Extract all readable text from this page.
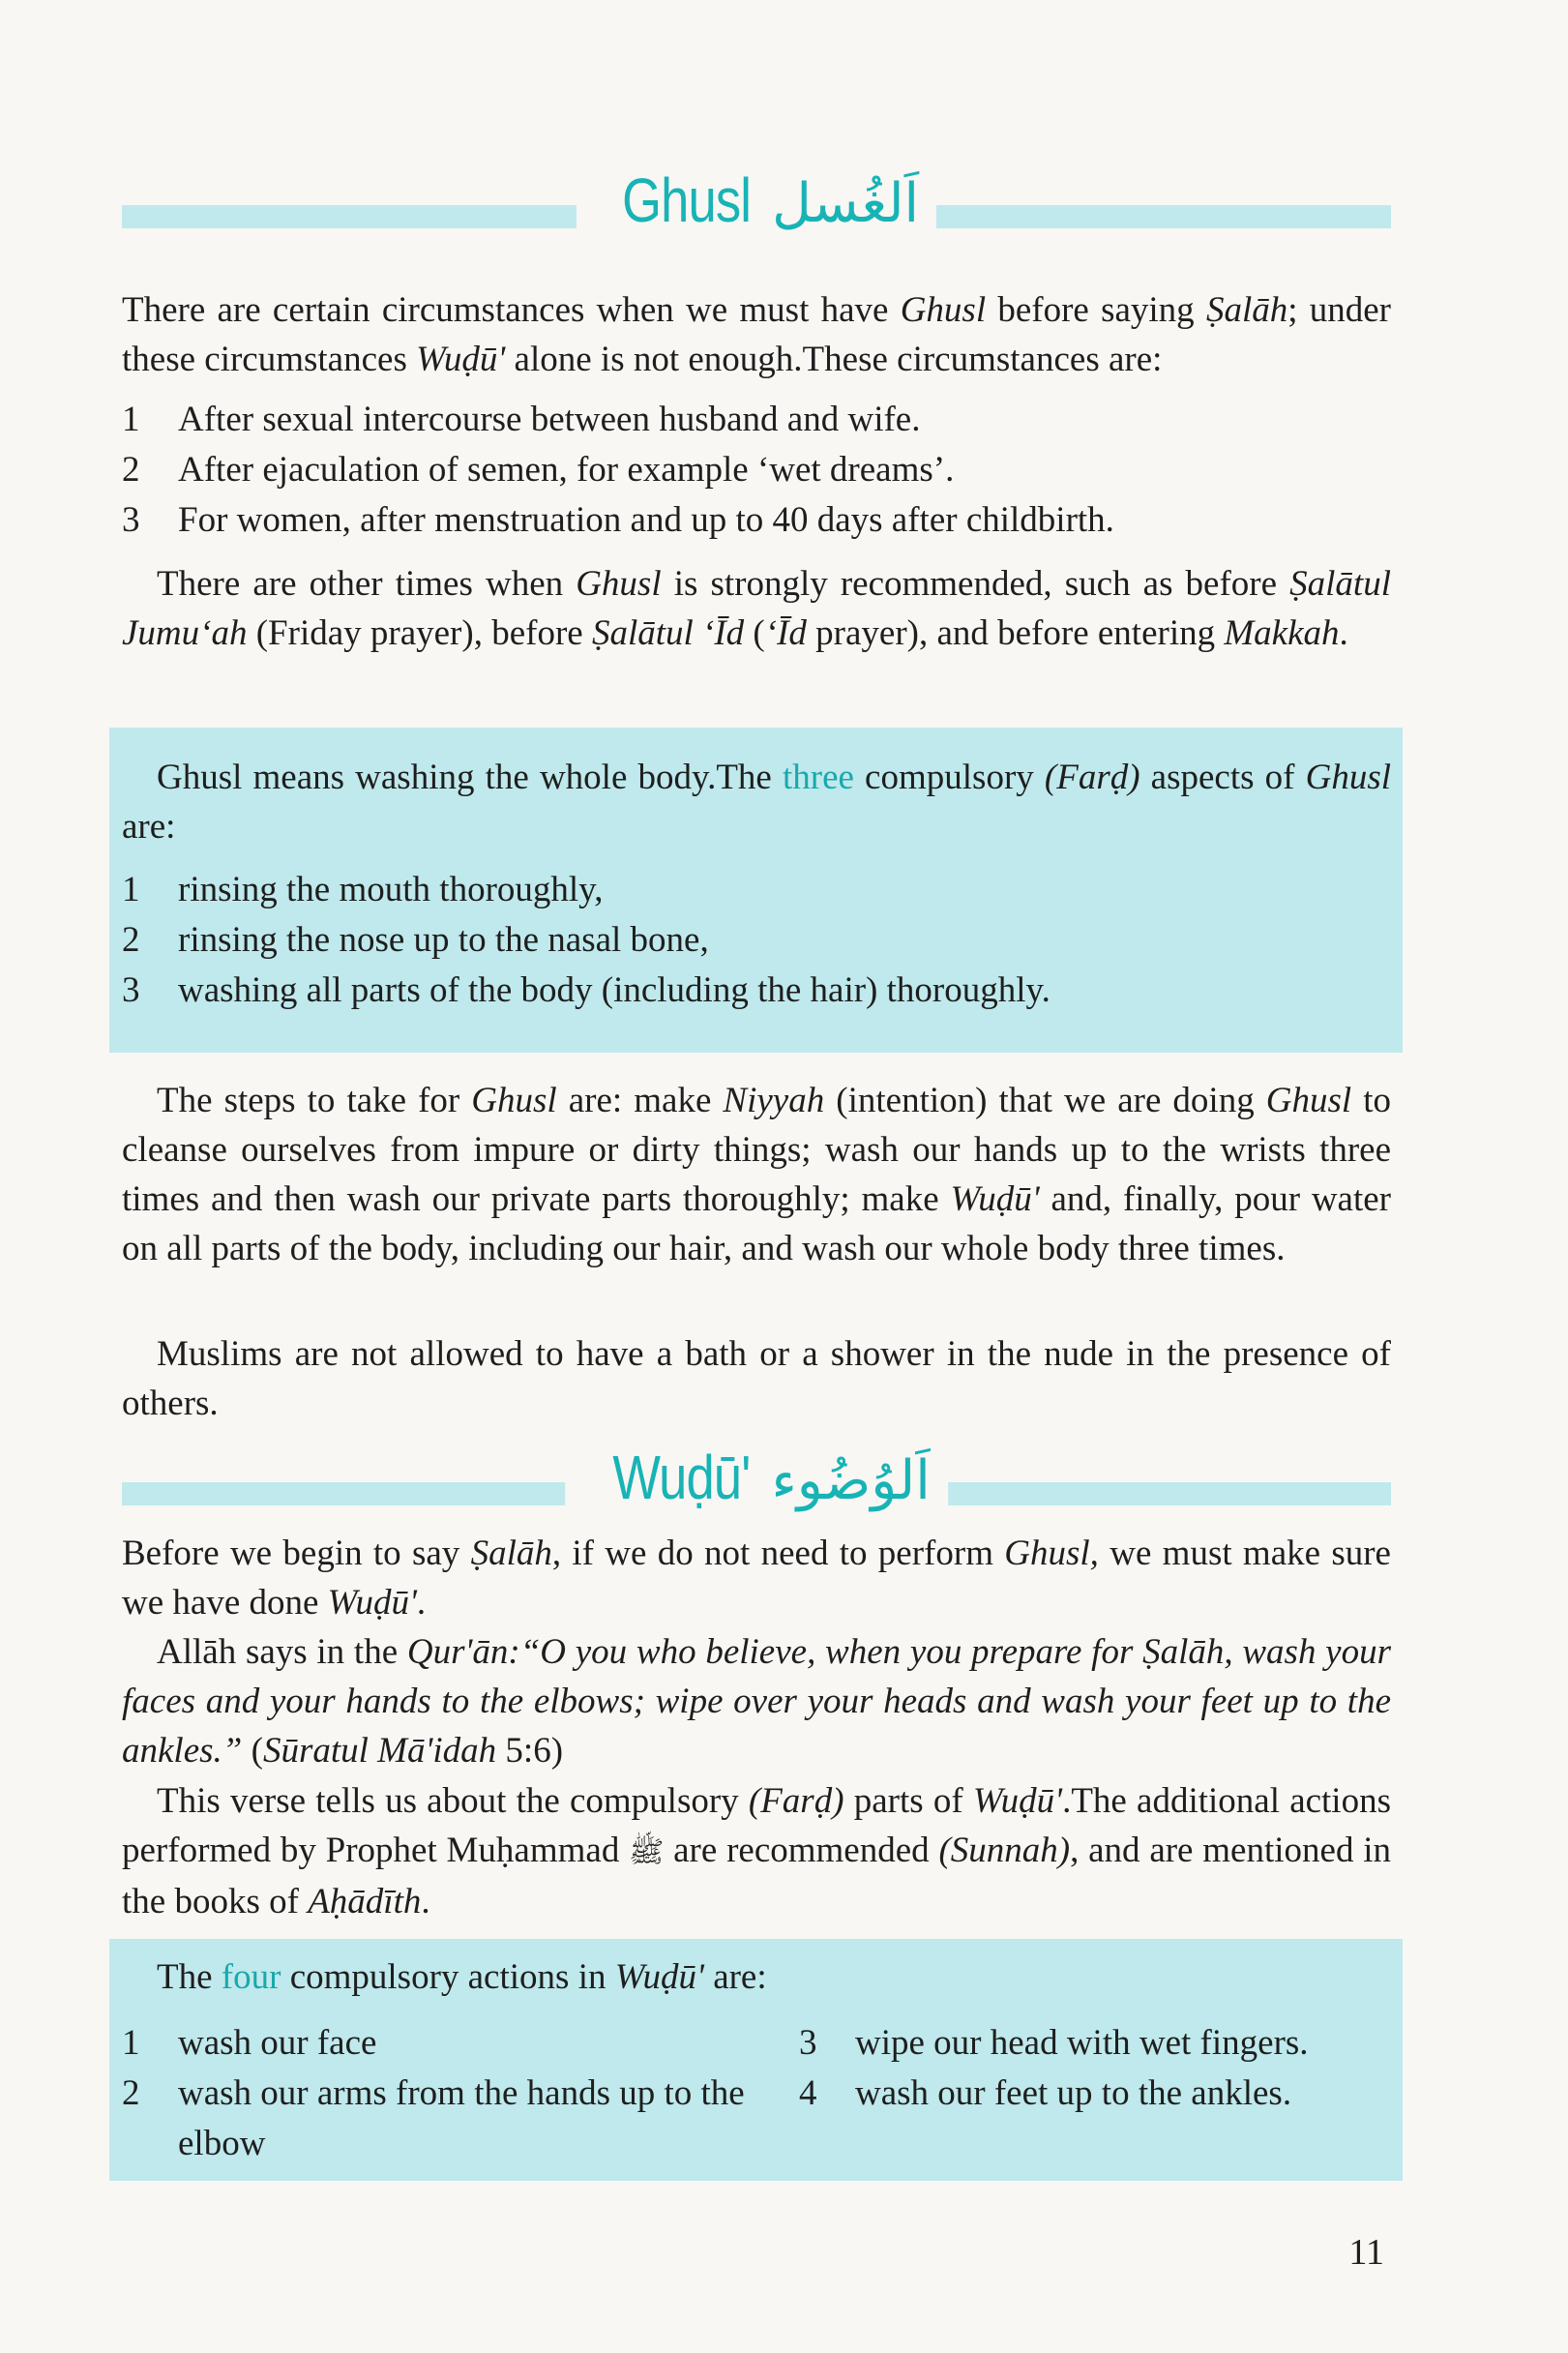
Ghusl اَلغُسل

There are certain circumstances when we must have Ghusl before saying Ṣalāh; under these circumstances Wuḍū' alone is not enough.These circumstances are:

1	After sexual intercourse between husband and wife.
2	After ejaculation of semen, for example ‘wet dreams’.
3	For women, after menstruation and up to 40 days after childbirth.

There are other times when Ghusl is strongly recommended, such as before Ṣalātul Jumu‘ah (Friday prayer), before Ṣalātul ‘Īd (‘Īd prayer), and before entering Makkah.

Ghusl means washing the whole body.The three compulsory (Farḍ) aspects of Ghusl are:

1	rinsing the mouth thoroughly,
2	rinsing the nose up to the nasal bone,
3	washing all parts of the body (including the hair) thoroughly.

The steps to take for Ghusl are: make Niyyah (intention) that we are doing Ghusl to cleanse ourselves from impure or dirty things; wash our hands up to the wrists three times and then wash our private parts thoroughly; make Wuḍū' and, finally, pour water on all parts of the body, including our hair, and wash our whole body three times.

Muslims are not allowed to have a bath or a shower in the nude in the presence of others.

Wuḍū' اَلوُضُوء

Before we begin to say Ṣalāh, if we do not need to perform Ghusl, we must make sure we have done Wuḍū'.

Allāh says in the Qur'ān:“O you who believe, when you prepare for Ṣalāh, wash your faces and your hands to the elbows; wipe over your heads and wash your feet up to the ankles.” (Sūratul Mā'idah 5:6)

This verse tells us about the compulsory (Farḍ) parts of Wuḍū'.The additional actions performed by Prophet Muḥammad ﷺ are recommended (Sunnah), and are mentioned in the books of Aḥādīth.

The four compulsory actions in Wuḍū' are:

1	wash our face
2	wash our arms from the hands up to the elbow
3	wipe our head with wet fingers.
4	wash our feet up to the ankles.
11
